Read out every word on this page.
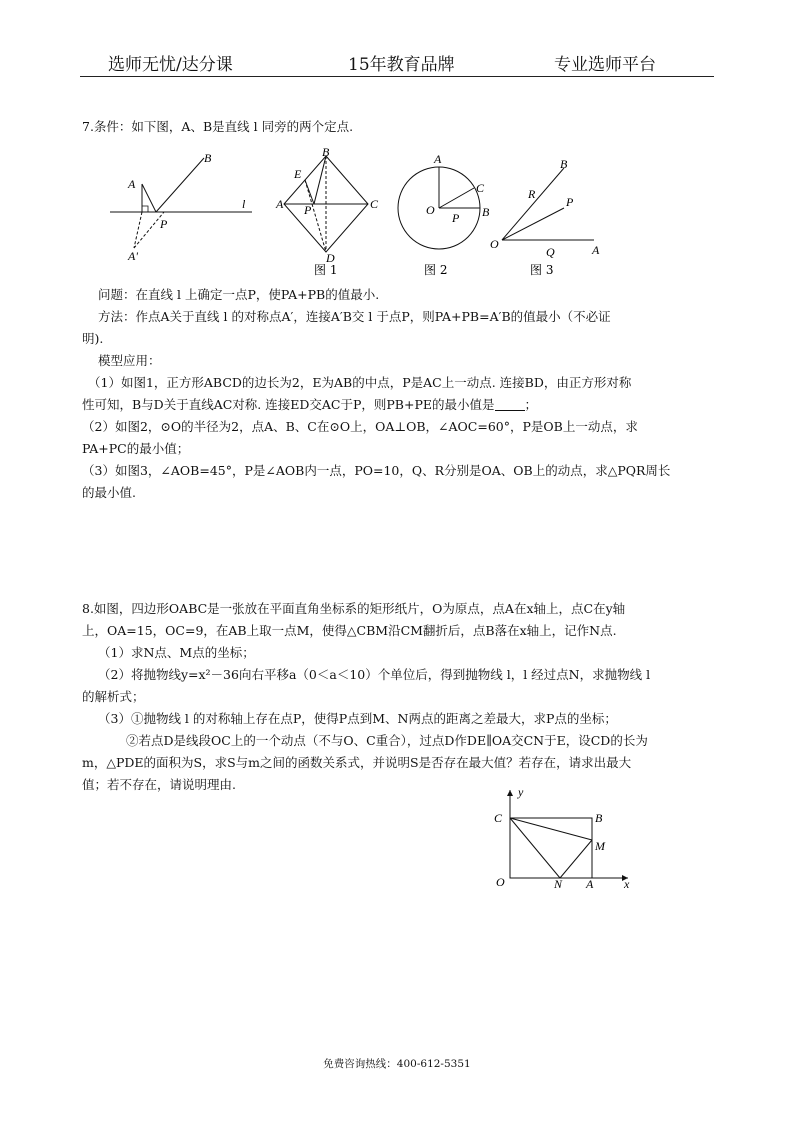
选师无忧/达分课	15年教育品牌	专业选师平台
7.条件：如下图，A、B是直线 l 同旁的两个定点.
B
A
A'
P
l
B
E
A P	C
D
图 1
A
C
O
P B
图 2
B
R
P
O
Q	A
图 3
问题：在直线 l 上确定一点P，使PA+PB的值最小.
方法：作点A关于直线 l 的对称点A′，连接A′B交 l 于点P，则PA+PB=A′B的值最小（不必证
明).
模型应用：
（1）如图1，正方形ABCD的边长为2，E为AB的中点，P是AC上一动点. 连接BD，由正方形对称
性可知，B与D关于直线AC对称. 连接ED交AC于P，则PB+PE的最小值是 ；
（2）如图2，⊙O的半径为2，点A、B、C在⊙O上，OA⊥OB，∠AOC=60°，P是OB上一动点，求
PA+PC的最小值；
（3）如图3，∠AOB=45°，P是∠AOB内一点，PO=10，Q、R分别是OA、OB上的动点，求△PQR周长
的最小值.
8.如图，四边形OABC是一张放在平面直角坐标系的矩形纸片，O为原点，点A在x轴上，点C在y轴
上，OA=15，OC=9，在AB上取一点M，使得△CBM沿CM翻折后，点B落在x轴上，记作N点.
（1）求N点、M点的坐标；
（2）将抛物线y=x²－36向右平移a（0＜a＜10）个单位后，得到抛物线 l，l 经过点N，求抛物线 l
的解析式；
（3）①抛物线 l 的对称轴上存在点P，使得P点到M、N两点的距离之差最大，求P点的坐标；
②若点D是线段OC上的一个动点（不与O、C重合），过点D作DE∥OA交CN于E，设CD的长为
m，△PDE的面积为S，求S与m之间的函数关系式，并说明S是否存在最大值？若存在，请求出最大
值；若不存在，请说明理由.	y
C	B
M
O	N A	x
免费咨询热线：400-612-5351
